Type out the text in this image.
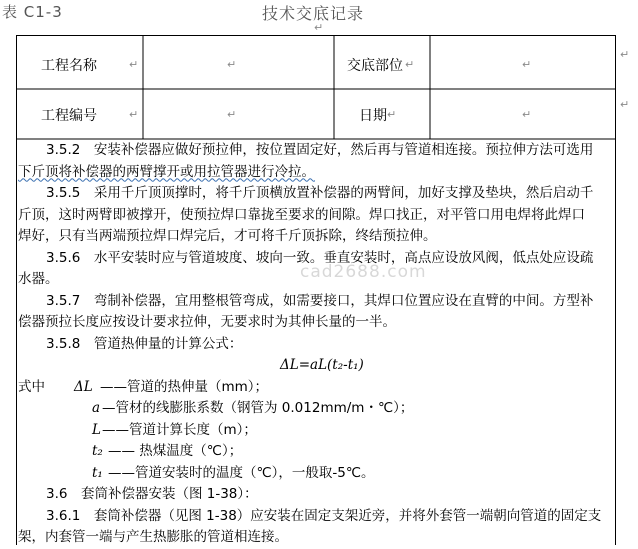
表 C1-3	技术交底记录
↵
工程名称	↵	↵	交底部位 ↵	↵
↵
工程编号	↵	↵	日期 ↵	↵
↵
cad2688.com

3.5.2　安装补偿器应做好预拉伸，按位置固定好，然后再与管道相连接。预拉伸方法可选用

下斤顶将补偿器的两臂撑开或用拉管器进行冷拉。

3.5.5　采用千斤顶顶撑时，将千斤顶横放置补偿器的两臂间，加好支撑及垫块，然后启动千

斤顶，这时两臂即被撑开，使预拉焊口靠拢至要求的间隙。焊口找正，对平管口用电焊将此焊口

焊好，只有当两端预拉焊口焊完后，才可将千斤顶拆除，终结预拉伸。

3.5.6　水平安装时应与管道坡度、坡向一致。垂直安装时，高点应设放风阀，低点处应设疏

水器。

3.5.7　弯制补偿器，宜用整根管弯成，如需要接口，其焊口位置应设在直臂的中间。方型补

偿器预拉长度应按设计要求拉伸，无要求时为其伸长量的一半。

3.5.8　管道热伸量的计算公式：

ΔL=aL(t₂-t₁)
式中 ΔL ——管道的热伸量（mm）；
a —管材的线膨胀系数（钢管为 0.012mm/m・℃）；
L ——管道计算长度（m）；
t₂ —— 热煤温度（℃）；
t₁ ——管道安装时的温度（℃），一般取-5℃。

3.6　套筒补偿器安装（图 1-38）：

3.6.1　套筒补偿器（见图 1-38）应安装在固定支架近旁，并将外套管一端朝向管道的固定支

架，内套管一端与产生热膨胀的管道相连接。
